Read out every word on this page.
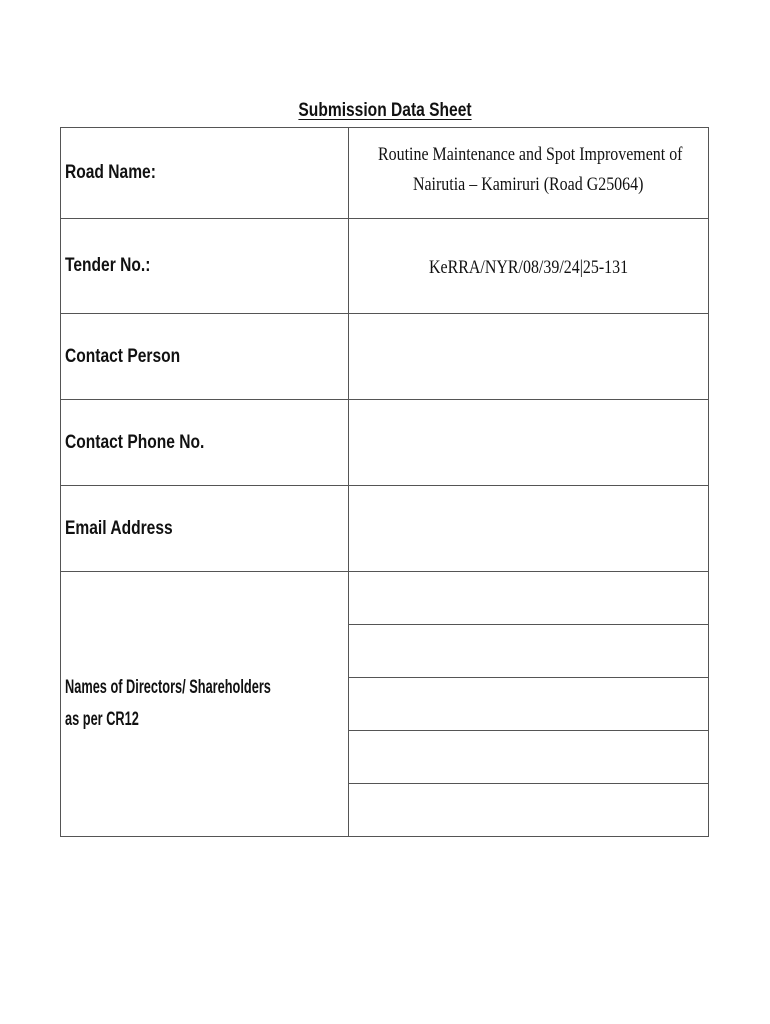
Submission Data Sheet
Road Name:	Routine Maintenance and Spot Improvement of
Nairutia – Kamiruri (Road G25064)

Tender No.:	KeRRA/NYR/08/39/24|25-131
Contact Person	
Contact Phone No.	
Email Address	
Names of Directors/ Shareholders
as per CR12	
